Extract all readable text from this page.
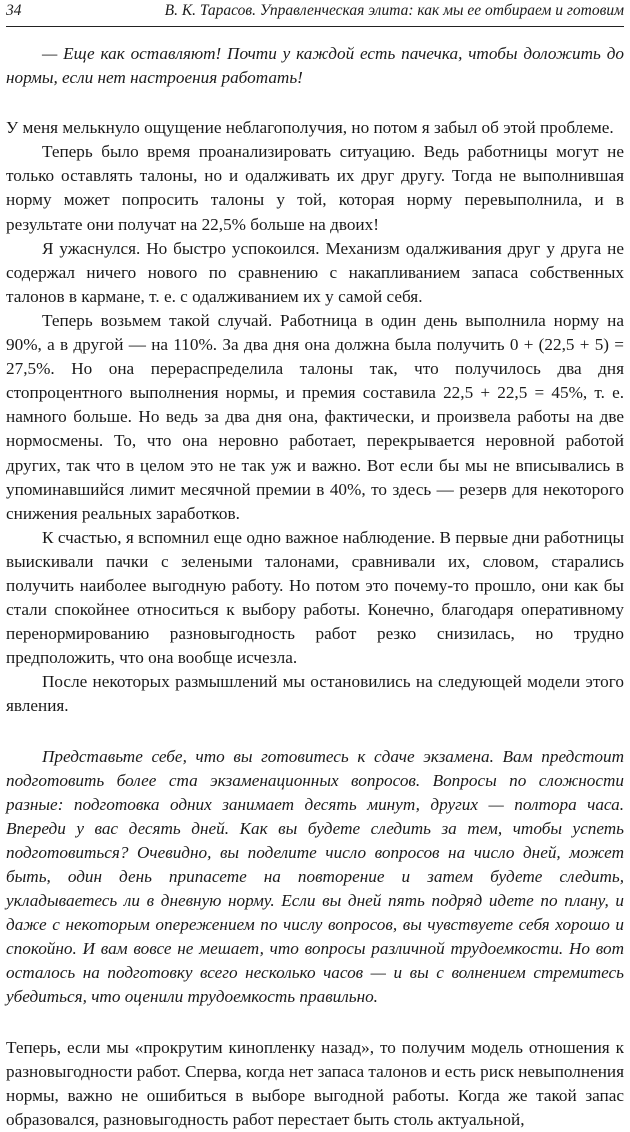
34	В. К. Тарасов. Управленческая элита: как мы ее отбираем и готовим

— Еще как оставляют! Почти у каждой есть пачечка, чтобы доложить до нормы, если нет настроения работать!

У меня мелькнуло ощущение неблагополучия, но потом я забыл об этой проблеме.

Теперь было время проанализировать ситуацию. Ведь работницы могут не только оставлять талоны, но и одалживать их друг другу. Тогда не выполнившая норму может попросить талоны у той, которая норму перевыполнила, и в результате они получат на 22,5% больше на двоих!

Я ужаснулся. Но быстро успокоился. Механизм одалживания друг у друга не содержал ничего нового по сравнению с накапливанием запаса собственных талонов в кармане, т. е. с одалживанием их у самой себя.

Теперь возьмем такой случай. Работница в один день выполнила норму на 90%, а в другой — на 110%. За два дня она должна была получить 0 + (22,5 + 5) = 27,5%. Но она перераспределила талоны так, что получилось два дня стопроцентного выполнения нормы, и премия составила 22,5 + 22,5 = 45%, т. е. намного больше. Но ведь за два дня она, фактически, и произвела работы на две нормосмены. То, что она неровно работает, перекрывается неровной работой других, так что в целом это не так уж и важно. Вот если бы мы не вписывались в упоминавшийся лимит месячной премии в 40%, то здесь — резерв для некоторого снижения реальных заработков.

К счастью, я вспомнил еще одно важное наблюдение. В первые дни работницы выискивали пачки с зелеными талонами, сравнивали их, словом, старались получить наиболее выгодную работу. Но потом это почему-то прошло, они как бы стали спокойнее относиться к выбору работы. Конечно, благодаря оперативному перенормированию разновыгодность работ резко снизилась, но трудно предположить, что она вообще исчезла.

После некоторых размышлений мы остановились на следующей модели этого явления.

Представьте себе, что вы готовитесь к сдаче экзамена. Вам предстоит подготовить более ста экзаменационных вопросов. Вопросы по сложности разные: подготовка одних занимает десять минут, других — полтора часа. Впереди у вас десять дней. Как вы будете следить за тем, чтобы успеть подготовиться? Очевидно, вы поделите число вопросов на число дней, может быть, один день припасете на повторение и затем будете следить, укладываетесь ли в дневную норму. Если вы дней пять подряд идете по плану, и даже с некоторым опережением по числу вопросов, вы чувствуете себя хорошо и спокойно. И вам вовсе не мешает, что вопросы различной трудоемкости. Но вот осталось на подготовку всего несколько часов — и вы с волнением стремитесь убедиться, что оценили трудоемкость правильно.

Теперь, если мы «прокрутим кинопленку назад», то получим модель отношения к разновыгодности работ. Сперва, когда нет запаса талонов и есть риск невыполнения нормы, важно не ошибиться в выборе выгодной работы. Когда же такой запас образовался, разновыгодность работ перестает быть столь актуальной,
